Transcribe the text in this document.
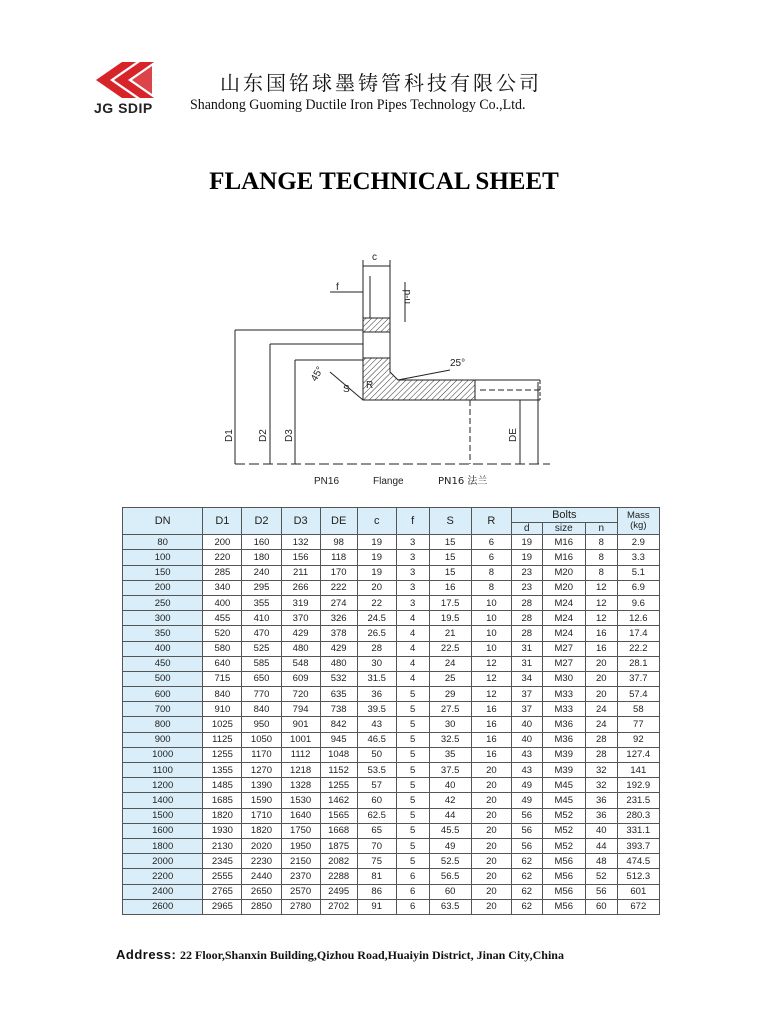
JG SDIP
山东国铭球墨铸管科技有限公司
Shandong Guoming Ductile Iron Pipes Technology Co.,Ltd.
FLANGE TECHNICAL SHEET
c
f
n-d
25°
45°
S R
D1 D2 D3	DE
PN16	Flange	PN16 法兰
DN	D1	D2	D3	DE	c	f	S	R	Bolts			Mass (kg)
									d	size	n	
80	200	160	132	98	19	3	15	6	19	M16	8	2.9
100	220	180	156	118	19	3	15	6	19	M16	8	3.3
150	285	240	211	170	19	3	15	8	23	M20	8	5.1
200	340	295	266	222	20	3	16	8	23	M20	12	6.9
250	400	355	319	274	22	3	17.5	10	28	M24	12	9.6
300	455	410	370	326	24.5	4	19.5	10	28	M24	12	12.6
350	520	470	429	378	26.5	4	21	10	28	M24	16	17.4
400	580	525	480	429	28	4	22.5	10	31	M27	16	22.2
450	640	585	548	480	30	4	24	12	31	M27	20	28.1
500	715	650	609	532	31.5	4	25	12	34	M30	20	37.7
600	840	770	720	635	36	5	29	12	37	M33	20	57.4
700	910	840	794	738	39.5	5	27.5	16	37	M33	24	58
800	1025	950	901	842	43	5	30	16	40	M36	24	77
900	1125	1050	1001	945	46.5	5	32.5	16	40	M36	28	92
1000	1255	1170	1112	1048	50	5	35	16	43	M39	28	127.4
1100	1355	1270	1218	1152	53.5	5	37.5	20	43	M39	32	141
1200	1485	1390	1328	1255	57	5	40	20	49	M45	32	192.9
1400	1685	1590	1530	1462	60	5	42	20	49	M45	36	231.5
1500	1820	1710	1640	1565	62.5	5	44	20	56	M52	36	280.3
1600	1930	1820	1750	1668	65	5	45.5	20	56	M52	40	331.1
1800	2130	2020	1950	1875	70	5	49	20	56	M52	44	393.7
2000	2345	2230	2150	2082	75	5	52.5	20	62	M56	48	474.5
2200	2555	2440	2370	2288	81	6	56.5	20	62	M56	52	512.3
2400	2765	2650	2570	2495	86	6	60	20	62	M56	56	601
2600	2965	2850	2780	2702	91	6	63.5	20	62	M56	60	672
Address: 22 Floor,Shanxin Building,Qizhou Road,Huaiyin District, Jinan City,China
